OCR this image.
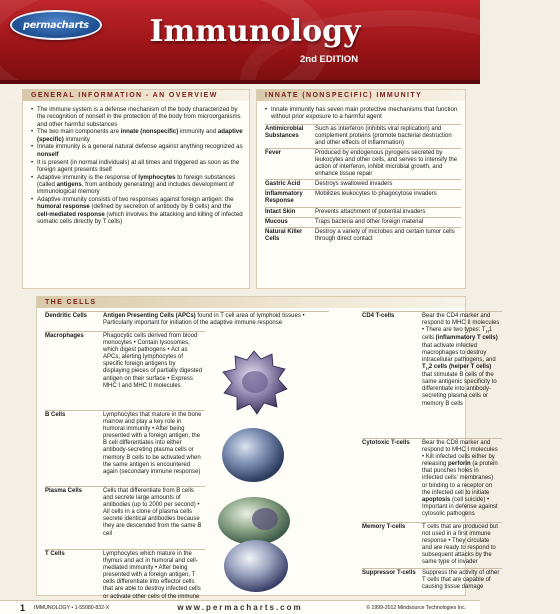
permacharts	Immunology
2nd EDITION
GENERAL INFORMATION - AN OVERVIEW
• The immune system is a defense mechanism of the body characterized by the recognition of nonself in the protection of the body from microorganisms and other harmful substances
• The two main components are innate (nonspecific) immunity and adaptive (specific) immunity
• Innate immunity is a general natural defense against anything recognized as nonself
• It is present (in normal individuals) at all times and triggered as soon as the foreign agent presents itself
• Adaptive immunity is the response of lymphocytes to foreign substances (called antigens, from antibody generating) and includes development of immunological memory
• Adaptive immunity consists of two responses against foreign antigen: the humoral response (defined by secretion of antibody by B cells) and the cell-mediated response (which involves the attacking and killing of infected somatic cells directly by T cells)
INNATE (NONSPECIFIC) IMMUNITY
• Innate immunity has seven main protective mechanisms that function without prior exposure to a harmful agent
Antimicrobial Substances	Such as interferon (inhibits viral replication) and complement proteins (promote bacterial destruction and other effects of inflammation)
Fever	Produced by endogenous pyrogens secreted by leukocytes and other cells, and serves to intensify the action of interferon, inhibit microbial growth, and enhance tissue repair
Gastric Acid	Destroys swallowed invaders
Inflammatory Response	Mobilizes leukocytes to phagocytose invaders
Intact Skin	Prevents attachment of potential invaders
Mucous	Traps bacteria and other foreign material
Natural Killer Cells	Destroy a variety of microbes and certain tumor cells through direct contact
THE CELLS
Dendritic Cells	Antigen Presenting Cells (APCs) found in T cell area of lymphoid tissues • Particularly important for initiation of the adaptive immune response
Macrophages	Phagocytic cells derived from blood monocytes • Contain lysosomes, which digest pathogens • Act as APCs, alerting lymphocytes of specific foreign antigens by displaying pieces of partially digested antigen on their surface • Express MHC I and MHC II molecules
B Cells	Lymphocytes that mature in the bone marrow and play a key role in humoral immunity • After being presented with a foreign antigen, the B cell differentiates into either antibody-secreting plasma cells or memory B cells to be activated when the same antigen is encountered again (secondary immune response)
Plasma Cells	Cells that differentiate from B cells and secrete large amounts of antibodies (up to 2000 per second) • All cells in a clone of plasma cells secrete identical antibodies because they are descended from the same B cell
T Cells	Lymphocytes which mature in the thymus and act in humoral and cell-mediated immunity • After being presented with a foreign antigen, T cells differentiate into effector cells that are able to destroy infected cells or activate other cells of the immune
CD4 T-cells	Bear the CD4 marker and respond to MHC II molecules • There are two types: $T_H1$ cells (inflammatory T cells) that activate infected macrophages to destroy intracellular pathogens, and $T_H2$ cells (helper T cells) that stimulate B cells of the same antigenic specificity to differentiate into antibody-secreting plasma cells or memory B cells
Cytotoxic T-cells	Bear the CD8 marker and respond to MHC I molecules • Kill infected cells either by releasing perforin (a protein that punches holes in infected cells' membranes) or binding to a receptor on the infected cell to initiate apoptosis (cell suicide) • Important in defense against cytosolic pathogens
Memory T-cells	T cells that are produced but not used in a first immune response • They circulate and are ready to respond to subsequent attacks by the same type of invader
Suppressor T-cells	Suppress the activity of other T cells that are capable of causing tissue damage
1 IMMUNOLOGY • 1-55080-832-X	www.permacharts.com	© 1999-2012 Mindsource Technologies Inc.
